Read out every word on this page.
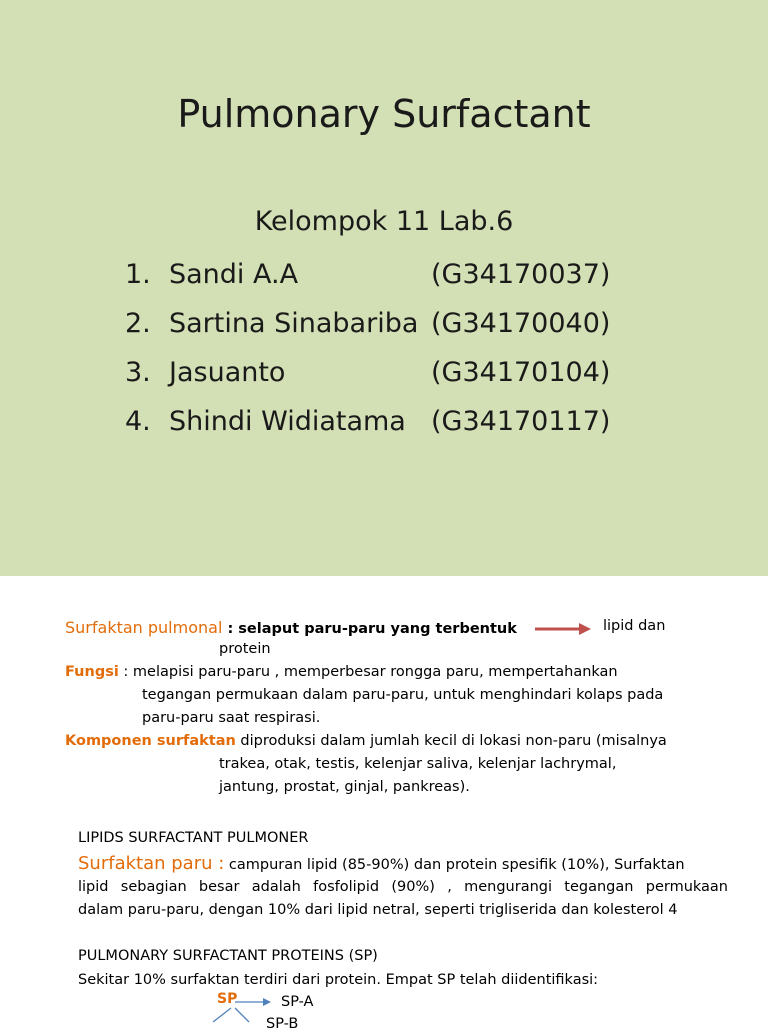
Pulmonary Surfactant
Kelompok 11 Lab.6
1. Sandi A.A	(G34170037)
2. Sartina Sinabariba (G34170040)
3. Jasuanto	(G34170104)
4. Shindi Widiatama (G34170117)
Surfaktan pulmonal : selaput paru-paru yang terbentuk	lipid dan
protein
Fungsi : melapisi paru-paru , memperbesar rongga paru, mempertahankan
tegangan permukaan dalam paru-paru, untuk menghindari kolaps pada
paru-paru saat respirasi.
Komponen surfaktan diproduksi dalam jumlah kecil di lokasi non-paru (misalnya
trakea, otak, testis, kelenjar saliva, kelenjar lachrymal,
jantung, prostat, ginjal, pankreas).
LIPIDS SURFACTANT PULMONER
Surfaktan paru : campuran lipid (85-90%) dan protein spesifik (10%), Surfaktan
lipid sebagian besar adalah fosfolipid (90%) , mengurangi tegangan permukaan
dalam paru-paru, dengan 10% dari lipid netral, seperti trigliserida dan kolesterol 4
PULMONARY SURFACTANT PROTEINS (SP)
Sekitar 10% surfaktan terdiri dari protein. Empat SP telah diidentifikasi:
SP	SP-A
SP-B
